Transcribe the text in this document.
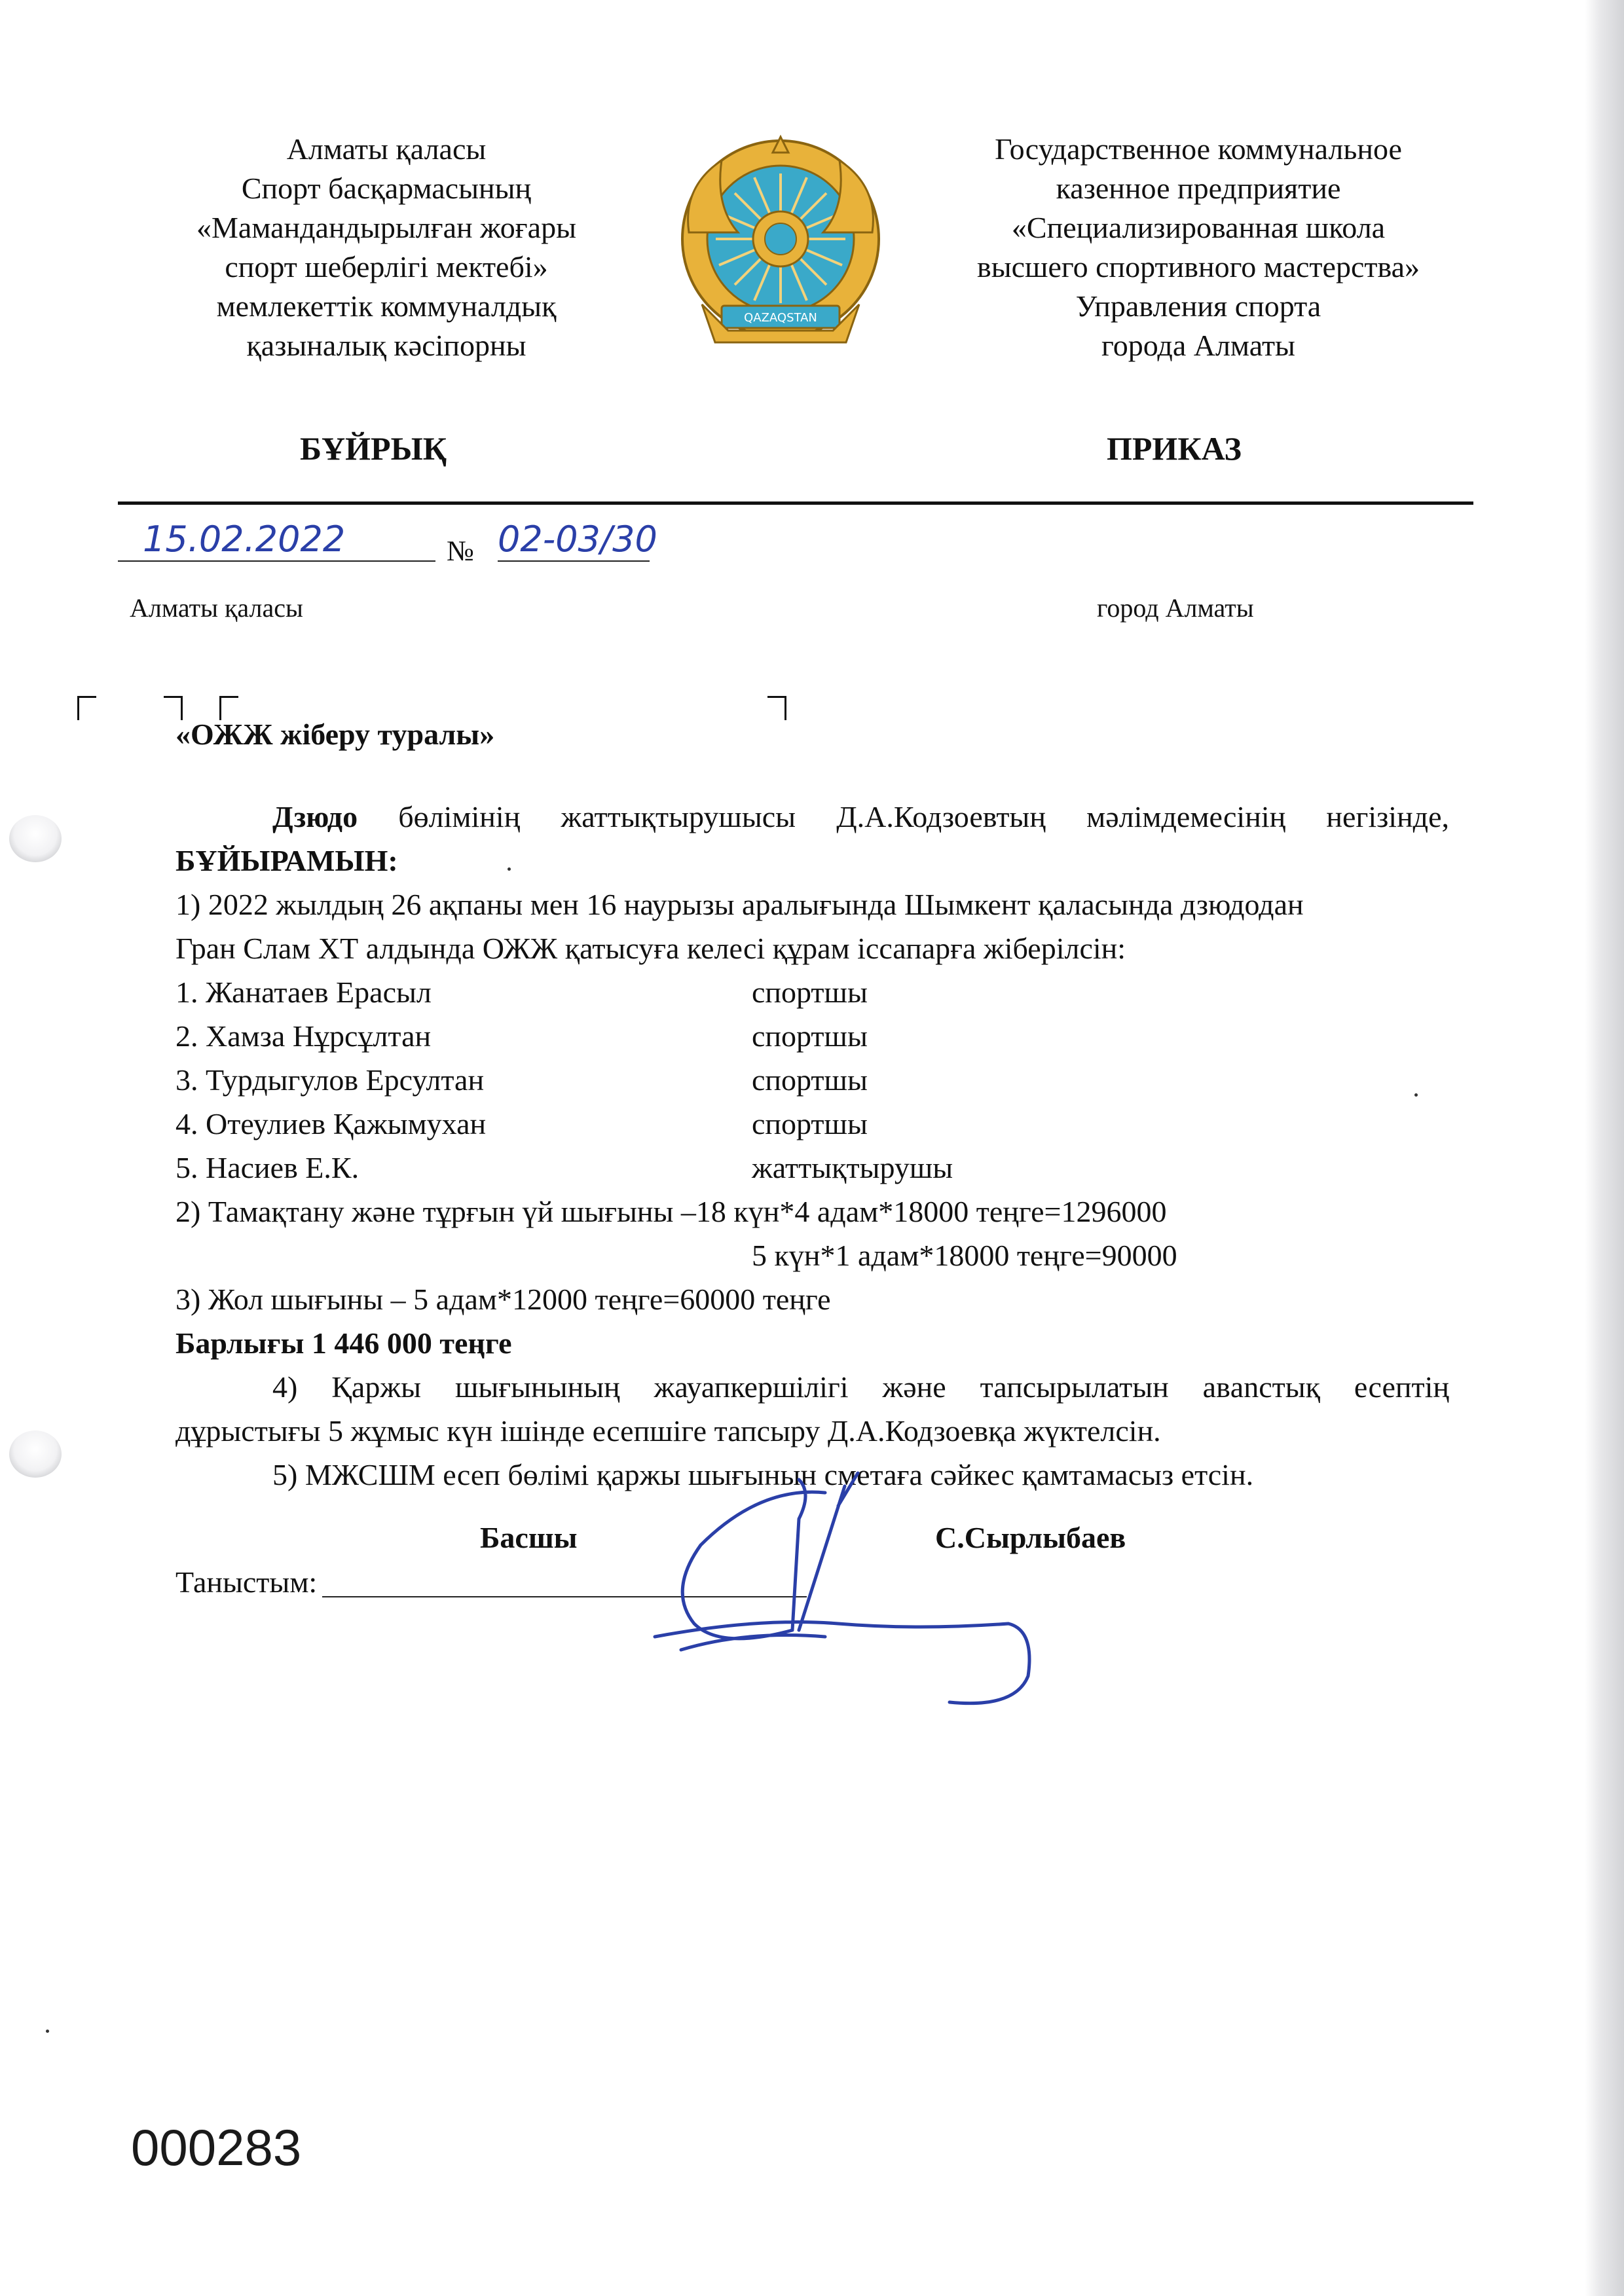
Алматы қаласы
Спорт басқармасының
«Мамандандырылған жоғары
спорт шеберлігі мектебі»
мемлекеттік коммуналдық
қазыналық кәсіпорны
QAZAQSTAN
Государственное коммунальное
казенное предприятие
«Специализированная школа
высшего спортивного мастерства»
Управления спорта
города Алматы
БҰЙРЫҚ	ПРИКАЗ
15.02.2022	№ 02-03/30
Алматы қаласы	город Алматы
«ОЖЖ жіберу туралы»
Дзюдо бөлімінің жаттықтырушысы Д.А.Кодзоевтың мәлімдемесінің негізінде,
БҰЙЫРАМЫН:
1) 2022 жылдың 26 ақпаны мен 16 наурызы аралығында Шымкент қаласында дзюдодан
Гран Слам ХТ алдында ОЖЖ қатысуға келесі құрам іссапарға жіберілсін:
1. Жанатаев Ерасыл	спортшы
2. Хамза Нұрсұлтан	спортшы
3. Турдыгулов Ерсултан	спортшы
4. Отеулиев Қажымухан	спортшы
5. Насиев Е.К.	жаттықтырушы
2) Тамақтану және тұрғын үй шығыны –18 күн*4 адам*18000 теңге=1296000
5 күн*1 адам*18000 теңге=90000
3) Жол шығыны – 5 адам*12000 теңге=60000 теңге
Барлығы 1 446 000 теңге
4) Қаржы шығынының жауапкершілігі және тапсырылатын авanстық есептің
дұрыстығы 5 жұмыс күн ішінде есепшіге тапсыру Д.А.Кодзоевқа жүктелсін.
5) МЖСШМ есеп бөлімі қаржы шығынын сметаға сәйкес қамтамасыз етсін.
Басшы	С.Сырлыбаев
Таныстым:
000283
